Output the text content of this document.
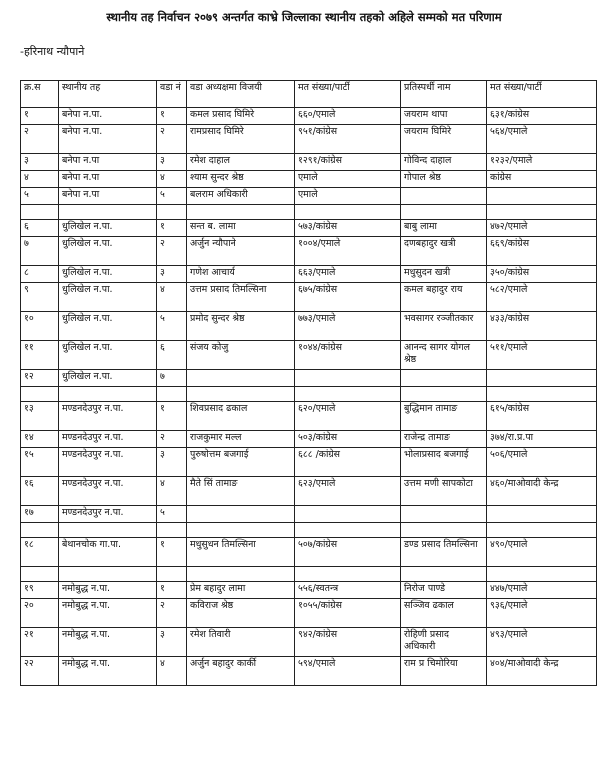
स्थानीय तह निर्वाचन २०७९ अन्तर्गत काभ्रे जिल्लाका स्थानीय तहको अहिले सम्मको मत परिणाम
-हरिनाथ न्यौपाने
क्र.स	स्थानीय तह	वडा नं	वडा अध्यक्षमा विजयी	मत संख्या/पार्टी	प्रतिस्पर्धी नाम	मत संख्या/पार्टी
१	बनेपा न.पा.	१	कमल प्रसाद घिमिरे	६६०/एमाले	जयराम थापा	६३१/कांग्रेस
२	बनेपा न.पा.	२	रामप्रसाद घिमिरे	९५१/कांग्रेस	जयराम घिमिरे	५६४/एमाले
३	बनेपा न.पा	३	रमेश दाहाल	१२९१/कांग्रेस	गोविन्द दाहाल	१२३२/एमाले
४	बनेपा न.पा	४	श्याम सुन्दर श्रेष्ठ	एमाले	गोपाल श्रेष्ठ	कांग्रेस
५	बनेपा न.पा	५	बलराम अधिकारी	एमाले		

६	धुलिखेल न.पा.	१	सन्त ब. लामा	५७३/कांग्रेस	बाबु लामा	४७२/एमाले
७	धुलिखेल न.पा.	२	अर्जुन न्यौपाने	१००४/एमाले	दणबहादुर खत्री	६६९/कांग्रेस
८	धुलिखेल न.पा.	३	गणेश आचार्य	६६३/एमाले	मधुसुदन खत्री	३५०/कांग्रेस
९	धुलिखेल न.पा.	४	उत्तम प्रसाद तिमल्सिना	६७५/कांग्रेस	कमल बहादुर राय	५८२/एमाले
१०	धुलिखेल न.पा.	५	प्रमोद सुन्दर श्रेष्ठ	७७३/एमाले	भवसागर रञ्जीतकार	४३३/कांग्रेस
११	धुलिखेल न.पा.	६	संजय कोजु	१०४४/कांग्रेस	आनन्द सागर योगल श्रेष्ठ	५११/एमाले
१२	धुलिखेल न.पा.	७				

१३	मण्डनदेउपुर न.पा.	१	शिवप्रसाद ढकाल	६२०/एमाले	बुद्धिमान तामाङ	६१५/कांग्रेस
१४	मण्डनदेउपुर न.पा.	२	राजकुमार मल्ल	५०३/कांग्रेस	राजेन्द्र तामाङ	३७४/रा.प्र.पा
१५	मण्डनदेउपुर न.पा.	३	पुरुषोत्तम बजगाई	६८८ /कांग्रेस	भोलाप्रसाद बजगाई	५०६/एमाले
१६	मण्डनदेउपुर न.पा.	४	मैते सिं तामाङ	६२३/एमाले	उत्तम मणी सापकोटा	४६०/माओवादी केन्द्र
१७	मण्डनदेउपुर न.पा.	५				

१८	बेथानचोक गा.पा.	१	मधुसुधन तिमल्सिना	५०७/कांग्रेस	डण्ड प्रसाद तिमल्सिना	४९०/एमाले

१९	नमोबुद्ध न.पा.	१	प्रेम बहादुर लामा	५५६/स्वतन्त्र	निरोज पाण्डे	४४७/एमाले
२०	नमोबुद्ध न.पा.	२	कविराज श्रेष्ठ	१०५५/कांग्रेस	सञ्जिव ढकाल	९३६/एमाले
२१	नमोबुद्ध न.पा.	३	रमेश तिवारी	९४२/कांग्रेस	रोहिणी प्रसाद अधिकारी	४९३/एमाले
२२	नमोबुद्ध न.पा.	४	अर्जुन बहादुर कार्की	५९४/एमाले	राम प्र चिमोरिया	४०४/माओवादी केन्द्र
